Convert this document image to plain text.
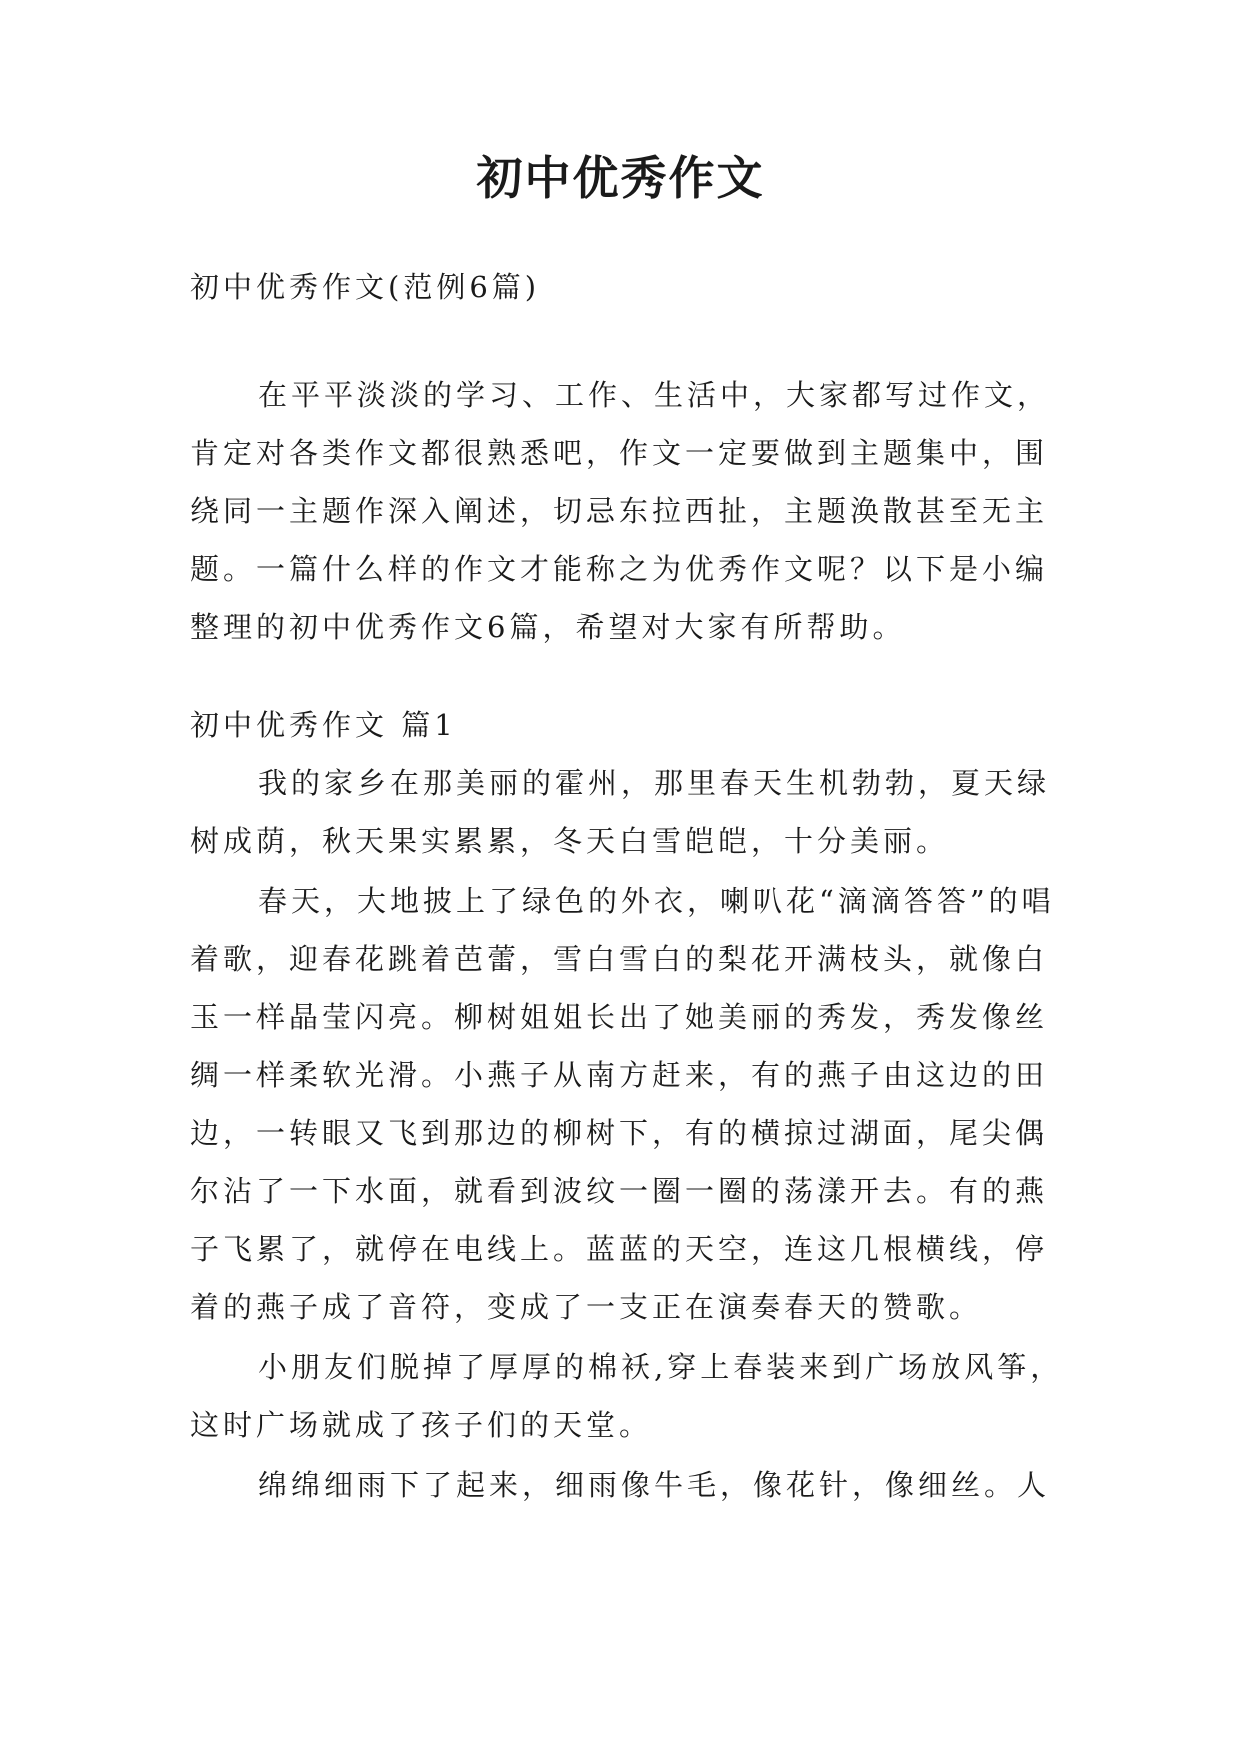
初中优秀作文

初中优秀作文(范例6篇)

在平平淡淡的学习、工作、生活中，大家都写过作文，肯定对各类作文都很熟悉吧，作文一定要做到主题集中，围绕同一主题作深入阐述，切忌东拉西扯，主题涣散甚至无主题。一篇什么样的作文才能称之为优秀作文呢？以下是小编整理的初中优秀作文6篇，希望对大家有所帮助。

初中优秀作文 篇1

我的家乡在那美丽的霍州，那里春天生机勃勃，夏天绿树成荫，秋天果实累累，冬天白雪皑皑，十分美丽。

春天，大地披上了绿色的外衣，喇叭花“滴滴答答”的唱着歌，迎春花跳着芭蕾，雪白雪白的梨花开满枝头，就像白玉一样晶莹闪亮。柳树姐姐长出了她美丽的秀发，秀发像丝绸一样柔软光滑。小燕子从南方赶来，有的燕子由这边的田边，一转眼又飞到那边的柳树下，有的横掠过湖面，尾尖偶尔沾了一下水面，就看到波纹一圈一圈的荡漾开去。有的燕子飞累了，就停在电线上。蓝蓝的天空，连这几根横线，停着的燕子成了音符，变成了一支正在演奏春天的赞歌。

小朋友们脱掉了厚厚的棉袄,穿上春装来到广场放风筝，这时广场就成了孩子们的天堂。

绵绵细雨下了起来，细雨像牛毛，像花针，像细丝。人
